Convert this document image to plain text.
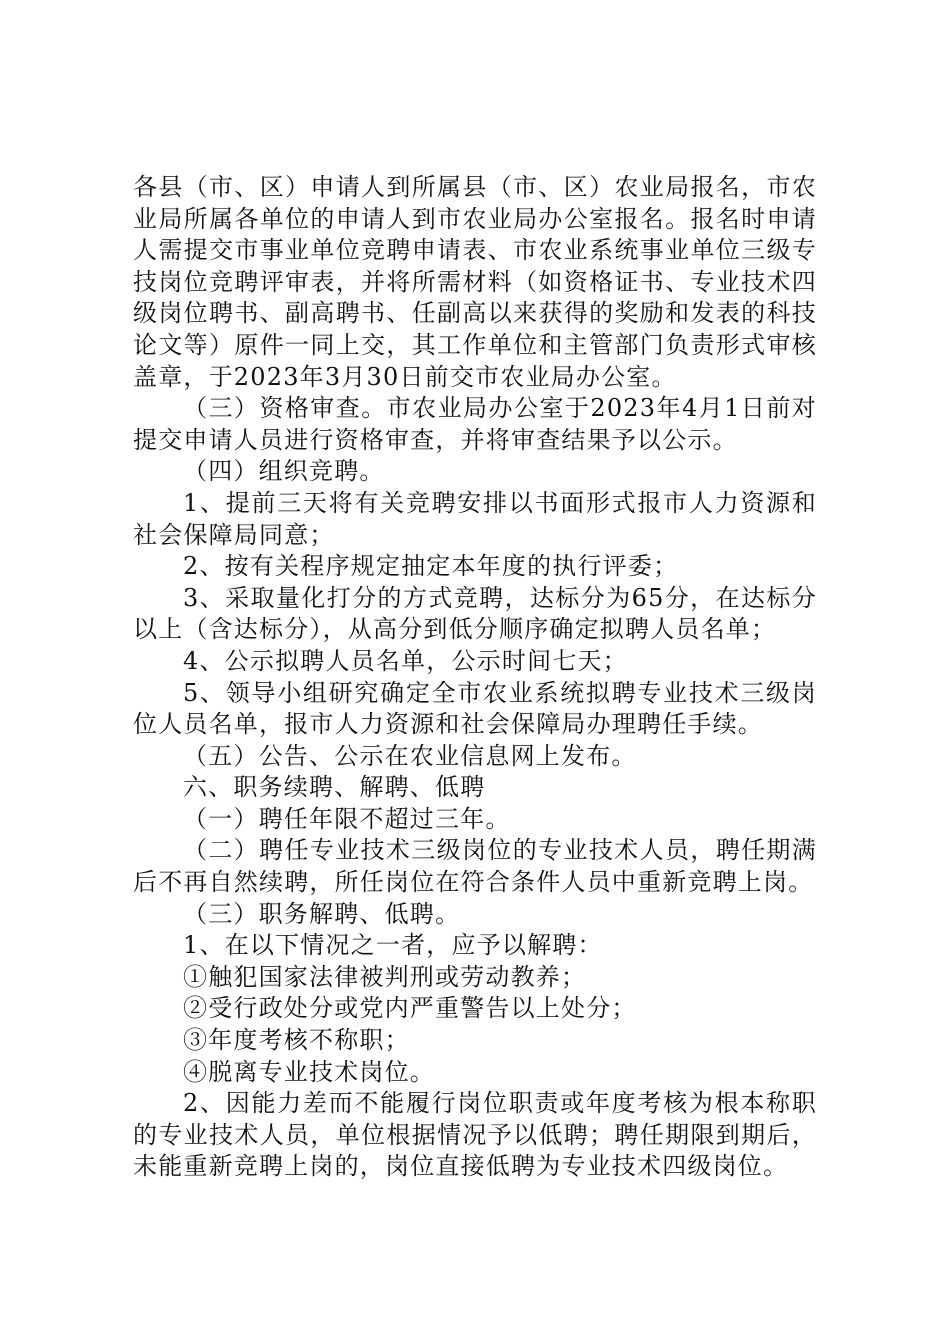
各县（市、区）申请人到所属县（市、区）农业局报名，市农业局所属各单位的申请人到市农业局办公室报名。报名时申请人需提交市事业单位竞聘申请表、市农业系统事业单位三级专技岗位竞聘评审表，并将所需材料（如资格证书、专业技术四级岗位聘书、副高聘书、任副高以来获得的奖励和发表的科技论文等）原件一同上交，其工作单位和主管部门负责形式审核盖章，于2023年3月30日前交市农业局办公室。

（三）资格审查。市农业局办公室于2023年4月1日前对提交申请人员进行资格审查，并将审查结果予以公示。

（四）组织竞聘。

1、提前三天将有关竞聘安排以书面形式报市人力资源和社会保障局同意；

2、按有关程序规定抽定本年度的执行评委；

3、采取量化打分的方式竞聘，达标分为65分，在达标分以上（含达标分），从高分到低分顺序确定拟聘人员名单；

4、公示拟聘人员名单，公示时间七天；

5、领导小组研究确定全市农业系统拟聘专业技术三级岗位人员名单，报市人力资源和社会保障局办理聘任手续。

（五）公告、公示在农业信息网上发布。

六、职务续聘、解聘、低聘

（一）聘任年限不超过三年。

（二）聘任专业技术三级岗位的专业技术人员，聘任期满后不再自然续聘，所任岗位在符合条件人员中重新竞聘上岗。

（三）职务解聘、低聘。

1、在以下情况之一者，应予以解聘：

①触犯国家法律被判刑或劳动教养；

②受行政处分或党内严重警告以上处分；

③年度考核不称职；

④脱离专业技术岗位。

2、因能力差而不能履行岗位职责或年度考核为根本称职的专业技术人员，单位根据情况予以低聘；聘任期限到期后，未能重新竞聘上岗的，岗位直接低聘为专业技术四级岗位。
